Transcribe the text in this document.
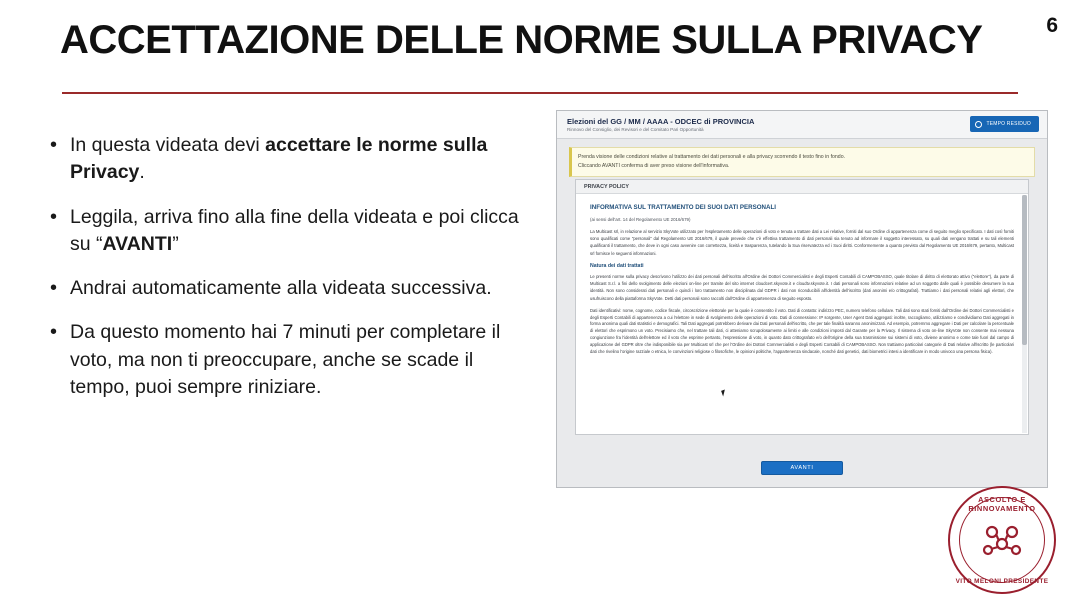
ACCETTAZIONE DELLE NORME SULLA PRIVACY	6
• In questa videata devi accettare le norme sulla Privacy.
• Leggila, arriva fino alla fine della videata e poi clicca su “AVANTI”
• Andrai automaticamente alla videata successiva.
• Da questo momento hai 7 minuti per completare il voto, ma non ti preoccupare, anche se scade il tempo, puoi sempre riniziare.
Elezioni del GG / MM / AAAA - ODCEC di PROVINCIA
Rinnovo del Consiglio, dei Revisori e del Comitato Pari Opportunità
TEMPO RESIDUO
Prenda visione delle condizioni relative al trattamento dei dati personali e alla privacy scorrendo il testo fino in fondo.
Cliccando AVANTI conferma di aver preso visione dell'informativa.
PRIVACY POLICY
INFORMATIVA SUL TRATTAMENTO DEI SUOI DATI PERSONALI
(ai sensi dell'art. 14 del Regolamento UE 2016/679)
La Multicast srl, in relazione al servizio SkyVote utilizzato per l'espletamento delle operazioni di voto e tenuta a trattare dati a Lei relative, forniti dal suo Ordine di appartenenza come di seguito meglio specificato. I dati così forniti sono qualificati come "personali" dal Regolamento UE 2016/679, il quale prevede che c'è effettiva trattamento di dati personali sia tenuto ad informare il soggetto interessato, su quali dati vengano trattati e su tali elementi qualificanti il trattamento, che deve in ogni caso avvenire con correttezza, liceità e trasparenza, tutelando la Sua riservatezza ed i Suoi diritti. Conformemente a quanto previsto dal Regolamento UE 2016/679, pertanto, Multicast srl fornisce le seguenti informazioni.
Natura dei dati trattati
Le presenti norme sulla privacy descrivono l'utilizzo dei dati personali dell'iscritto all'Ordine dei Dottori Commercialisti e degli Esperti Contabili di CAMPOBASSO, quale titolare di diritto di elettorato attivo ("elettore"), da parte di Multicast S.r.l. a fini dello svolgimento delle elezioni on-line per tramite del sito internet cloudcert.skyvote.it e cloudtv.skyvote.it. I dati personali sono informazioni relative ad un soggetto dalle quali è possibile desumere la sua identità. Non sono considerati dati personali e quindi i loro trattamento non disciplinata dal GDPR i dati non riconducibili all'identità dell'iscritto (dati anonimi e/o crittografati). Trattiamo i dati personali relativi agli elettori, che usufruiscono della piattaforma SkyVote. Detti dati personali sono raccolti dall'Ordine di appartenenza di seguito esposto.
Dati identificativi: nome, cognome, codice fiscale, circoscrizione elettorale per la quale è consentito il voto. Dati di contatto: indirizzo PEC, numero telefono cellulare. Tali dati sono stati forniti dall'Ordine dei Dottori Commercialisti e degli Esperti Contabili di appartenenza a cui l'elettore in sede di svolgimento delle operazioni di voto. Dati di connessione: IP sorgente, User Agent Dati aggregati: inoltre, raccogliamo, utilizziamo e condividiamo Dati aggregati in forma anonima quali dati statistici e demografici. Tali Dati aggregati potrebbero derivare dai Dati personali dell'iscritto, che per tale finalità saranno anonimizzati. Ad esempio, potremmo aggregare i Dati per calcolare la percentuale di elettori che esprimono un voto. Precisiamo che, nel trattare tali dati, ci atteniamo scrupolosamente ai limiti e alle condizioni imposti dal Garante per la Privacy. Il sistema di voto on-line SkyVote non consente mai nessuna congiunzione fra l'identità dell'elettore ed il voto che esprime pertanto, l'espressione di voto, in quanto dato crittografato e/o dell'origine della sua trasmissione sui sistemi di voto, diviene anonimo e come tale fuori dal campo di applicazione del GDPR oltre che indisponibile sia per Multicast srl che per l'Ordine dei Dottori Commercialisti e degli Esperti Contabili di CAMPOBASSO. Non trattiamo particolari categorie di Dati relative all'iscritto (le particolari dati che rivelino l'origine razziale o etnica, le convinzioni religiose o filosofiche, le opinioni politiche, l'appartenenza sindacale, nonché dati genetici, dati biometrici intesi a identificare in modo univoco una persona fisica).
AVANTI
ASCOLTO E RINNOVAMENTO
VITO MELONI PRESIDENTE
